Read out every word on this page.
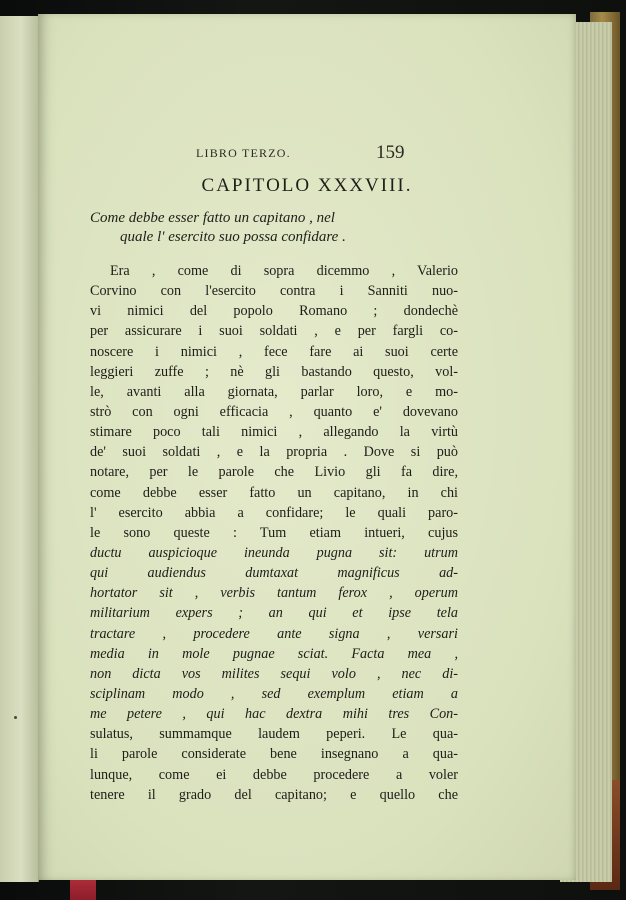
LIBRO TERZO.	159
CAPITOLO XXXVIII.
Come debbe esser fatto un capitano , nel
quale l' esercito suo possa confidare .
Era , come di sopra dicemmo , Valerio
Corvino con l'esercito contra i Sanniti nuo-
vi nimici del popolo Romano ; dondechè
per assicurare i suoi soldati , e per fargli co-
noscere i nimici , fece fare ai suoi certe
leggieri zuffe ; nè gli bastando questo, vol-
le, avanti alla giornata, parlar loro, e mo-
strò con ogni efficacia , quanto e' dovevano
stimare poco tali nimici , allegando la virtù
de' suoi soldati , e la propria . Dove si può
notare, per le parole che Livio gli fa dire,
come debbe esser fatto un capitano, in chi
l' esercito abbia a confidare; le quali paro-
le sono queste : Tum etiam intueri, cujus
ductu auspicioque ineunda pugna sit: utrum
qui audiendus dumtaxat magnificus ad-
hortator sit , verbis tantum ferox , operum
militarium expers ; an qui et ipse tela
tractare , procedere ante signa , versari
media in mole pugnae sciat. Facta mea ,
non dicta vos milites sequi volo , nec di-
sciplinam modo , sed exemplum etiam a
me petere , qui hac dextra mihi tres Con-
sulatus, summamque laudem peperi. Le qua-
li parole considerate bene insegnano a qua-
lunque, come ei debbe procedere a voler
tenere il grado del capitano; e quello che
